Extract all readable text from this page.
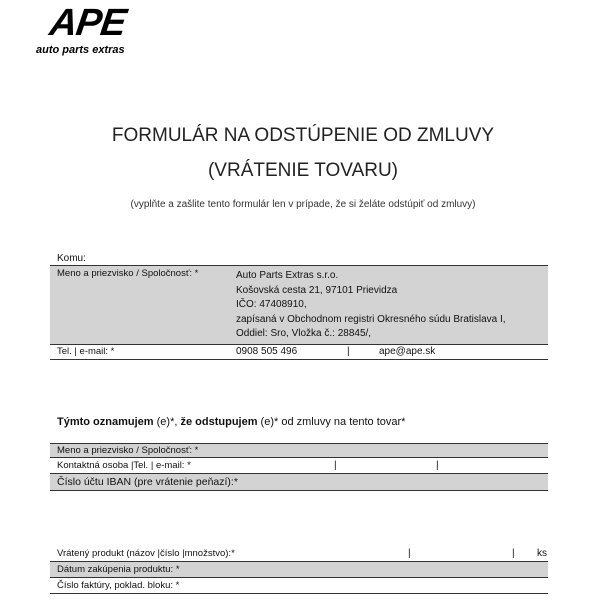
APE
auto parts extras
FORMULÁR NA ODSTÚPENIE OD ZMLUVY
(VRÁTENIE TOVARU)
(vyplňte a zašlite tento formulár len v prípade, že si želáte odstúpiť od zmluvy)
Komu:
Meno a priezvisko / Spoločnosť: *	Auto Parts Extras s.r.o.
Košovská cesta 21, 97101 Prievidza
IČO: 47408910,
zapísaná v Obchodnom registri Okresného súdu Bratislava I,
Oddiel: Sro, Vložka č.: 28845/,
Tel. | e-mail: *	0908 505 496	|	ape@ape.sk
Týmto oznamujem (e)*, že odstupujem (e)* od zmluvy na tento tovar*
Meno a priezvisko / Spoločnosť: *
Kontaktná osoba |Tel. | e-mail: *	|	|
Číslo účtu IBAN (pre vrátenie peňazí):*
Vrátený produkt (názov |číslo |množstvo):*	|	| ks
Dátum zakúpenia produktu: *
Číslo faktúry, poklad. bloku: *
